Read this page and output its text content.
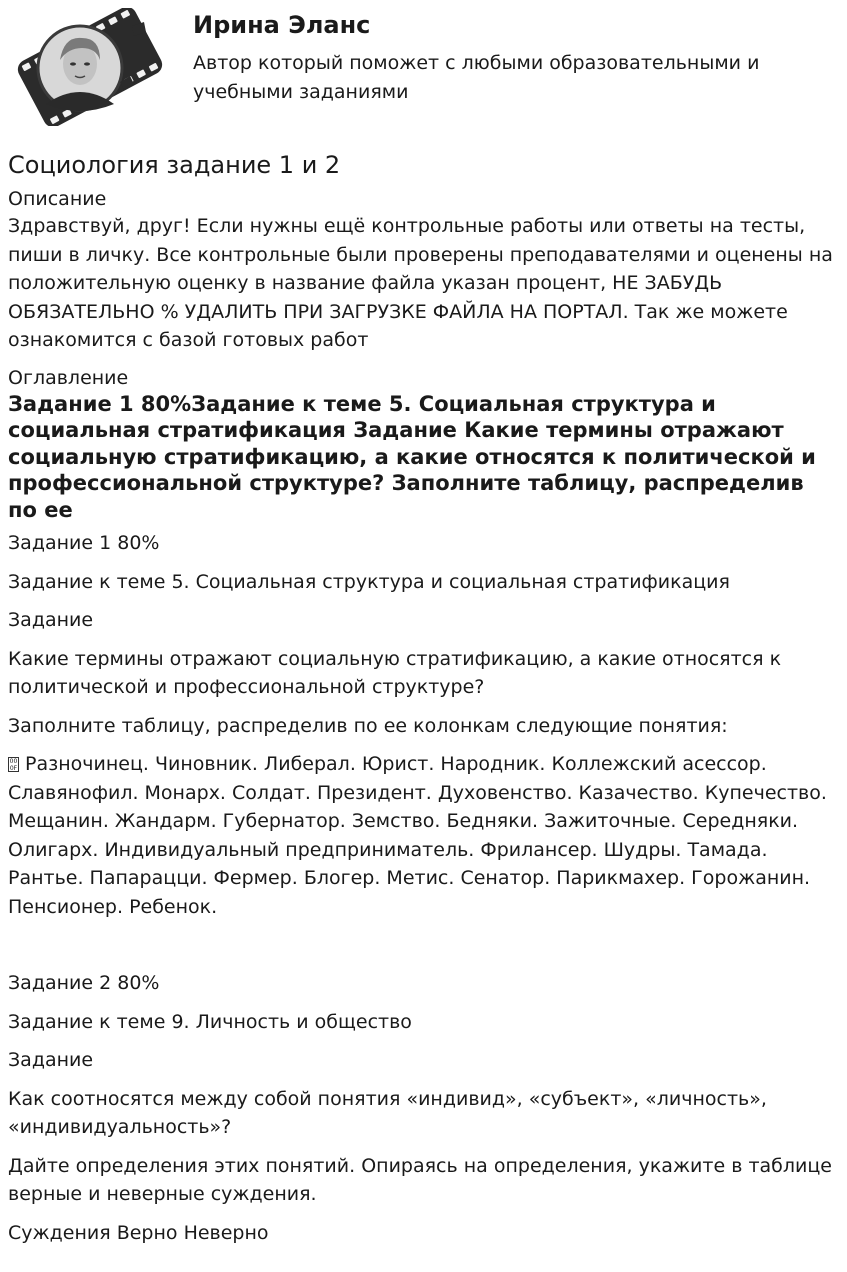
Ирина Эланс

Автор который поможет с любыми образовательными и учебными заданиями

Социология задание 1 и 2

Описание

Здравствуй, друг! Если нужны ещё контрольные работы или ответы на тесты, пиши в личку. Все контрольные были проверены преподавателями и оценены на положительную оценку в название файла указан процент, НЕ ЗАБУДЬ ОБЯЗАТЕЛЬНО % УДАЛИТЬ ПРИ ЗАГРУЗКЕ ФАЙЛА НА ПОРТАЛ. Так же можете ознакомится с базой готовых работ

Оглавление

Задание 1 80%Задание к теме 5. Социальная структура и социальная стратификация Задание Какие термины отражают социальную стратификацию, а какие относятся к политической и профессиональной структуре? Заполните таблицу, распределив по ее

Задание 1 80%

Задание к теме 5. Социальная структура и социальная стратификация

Задание

Какие термины отражают социальную стратификацию, а какие относятся к политической и профессиональной структуре?

Заполните таблицу, распределив по ее колонкам следующие понятия:

00
0F Разночинец. Чиновник. Либерал. Юрист. Народник. Коллежский асессор. Славянофил. Монарх. Солдат. Президент. Духовенство. Казачество. Купечество. Мещанин. Жандарм. Губернатор. Земство. Бедняки. Зажиточные. Середняки. Олигарх. Индивидуальный предприниматель. Фрилансер. Шудры. Тамада. Рантье. Папарацци. Фермер. Блогер. Метис. Сенатор. Парикмахер. Горожанин. Пенсионер. Ребенок.

Задание 2 80%

Задание к теме 9. Личность и общество

Задание

Как соотносятся между собой понятия «индивид», «субъект», «личность», «индивидуальность»?

Дайте определения этих понятий. Опираясь на определения, укажите в таблице верные и неверные суждения.

Суждения Верно Неверно
